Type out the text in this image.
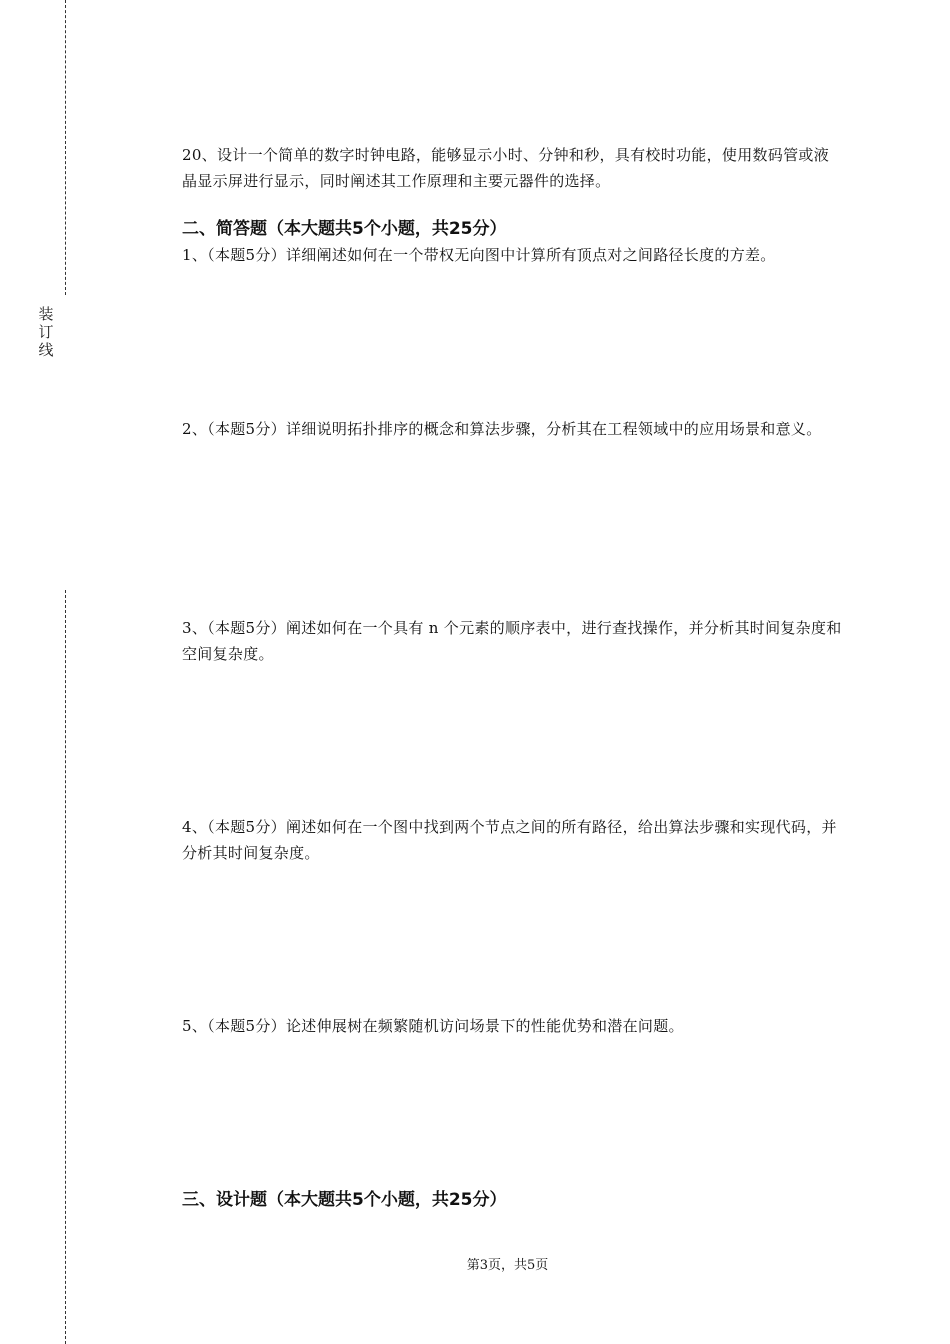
装
订
线

20、设计一个简单的数字时钟电路，能够显示小时、分钟和秒，具有校时功能，使用数码管或液晶显示屏进行显示，同时阐述其工作原理和主要元器件的选择。

二、简答题（本大题共5个小题，共25分）

1、（本题5分）详细阐述如何在一个带权无向图中计算所有顶点对之间路径长度的方差。

2、（本题5分）详细说明拓扑排序的概念和算法步骤，分析其在工程领域中的应用场景和意义。

3、（本题5分）阐述如何在一个具有 n 个元素的顺序表中，进行查找操作，并分析其时间复杂度和空间复杂度。

4、（本题5分）阐述如何在一个图中找到两个节点之间的所有路径，给出算法步骤和实现代码，并分析其时间复杂度。

5、（本题5分）论述伸展树在频繁随机访问场景下的性能优势和潜在问题。

三、设计题（本大题共5个小题，共25分）
第3页，共5页
